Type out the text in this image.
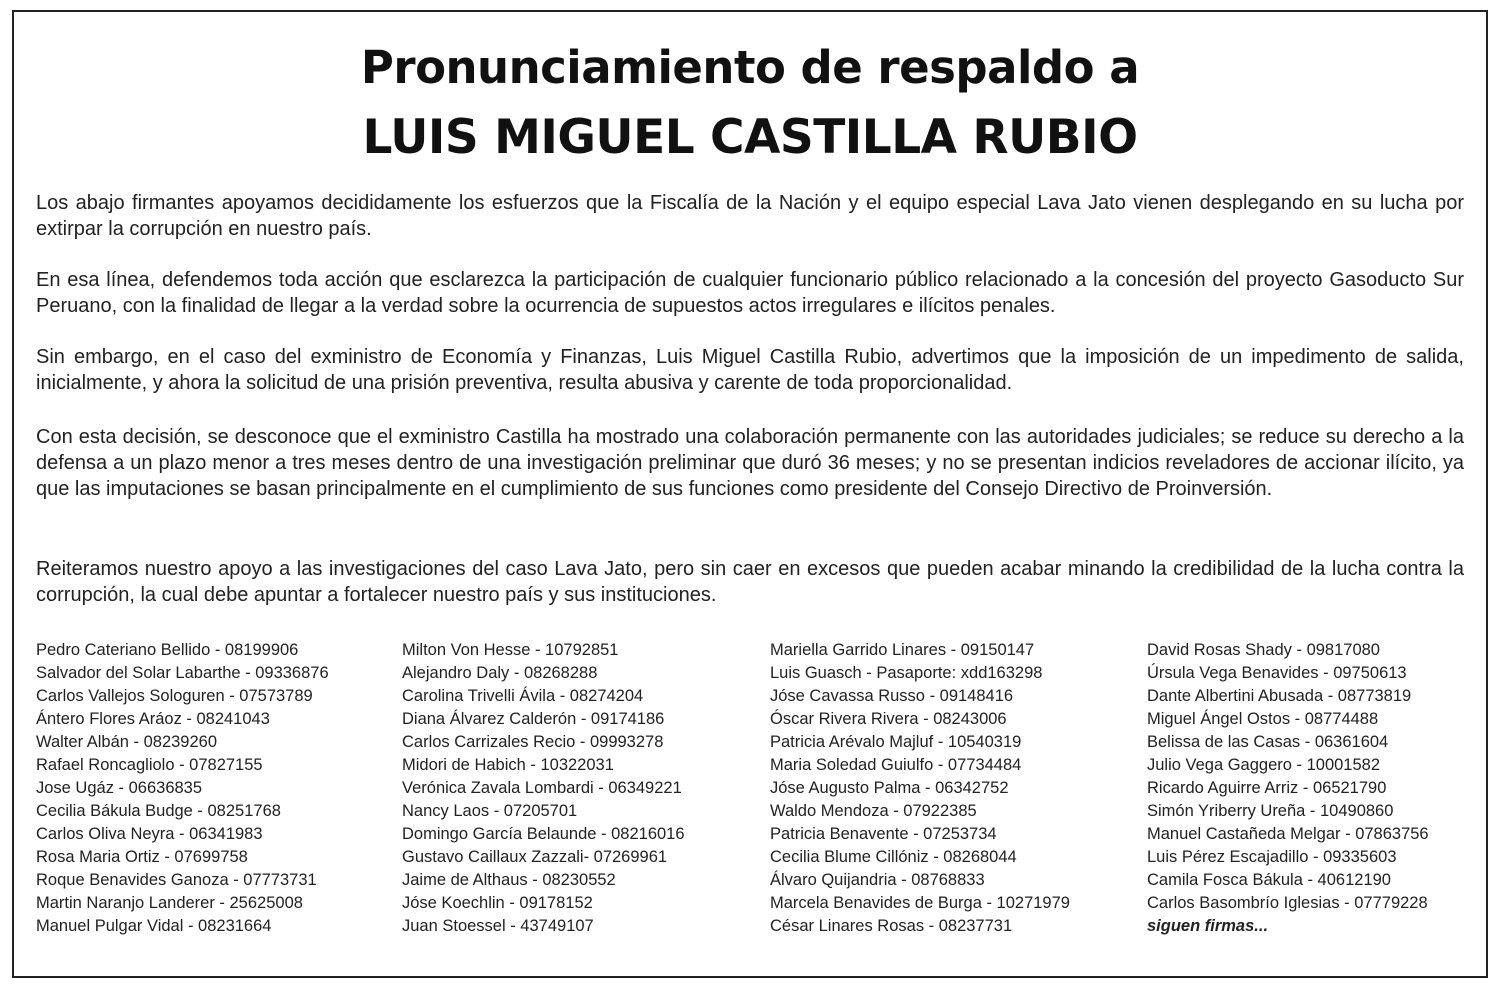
Pronunciamiento de respaldo a
LUIS MIGUEL CASTILLA RUBIO

Los abajo firmantes apoyamos decididamente los esfuerzos que la Fiscalía de la Nación y el equipo especial Lava Jato vienen desplegando en su lucha por extirpar la corrupción en nuestro país.

En esa línea, defendemos toda acción que esclarezca la participación de cualquier funcionario público relacionado a la concesión del proyecto Gasoducto Sur Peruano, con la finalidad de llegar a la verdad sobre la ocurrencia de supuestos actos irregulares e ilícitos penales.

Sin embargo, en el caso del exministro de Economía y Finanzas, Luis Miguel Castilla Rubio, advertimos que la imposición de un impedimento de salida, inicialmente, y ahora la solicitud de una prisión preventiva, resulta abusiva y carente de toda proporcionalidad.

Con esta decisión, se desconoce que el exministro Castilla ha mostrado una colaboración permanente con las autoridades judiciales; se reduce su derecho a la defensa a un plazo menor a tres meses dentro de una investigación preliminar que duró 36 meses; y no se presentan indicios reveladores de accionar ilícito, ya que las imputaciones se basan principalmente en el cumplimiento de sus funciones como presidente del Consejo Directivo de Proinversión.

Reiteramos nuestro apoyo a las investigaciones del caso Lava Jato, pero sin caer en excesos que pueden acabar minando la credibilidad de la lucha contra la corrupción, la cual debe apuntar a fortalecer nuestro país y sus instituciones.

Pedro Cateriano Bellido - 08199906
Salvador del Solar Labarthe - 09336876
Carlos Vallejos Sologuren - 07573789
Ántero Flores Aráoz - 08241043
Walter Albán - 08239260
Rafael Roncagliolo - 07827155
Jose Ugáz - 06636835
Cecilia Bákula Budge - 08251768
Carlos Oliva Neyra - 06341983
Rosa Maria Ortiz - 07699758
Roque Benavides Ganoza - 07773731
Martin Naranjo Landerer - 25625008
Manuel Pulgar Vidal - 08231664
Milton Von Hesse - 10792851
Alejandro Daly - 08268288
Carolina Trivelli Ávila - 08274204
Diana Álvarez Calderón - 09174186
Carlos Carrizales Recio - 09993278
Midori de Habich - 10322031
Verónica Zavala Lombardi - 06349221
Nancy Laos - 07205701
Domingo García Belaunde - 08216016
Gustavo Caillaux Zazzali- 07269961
Jaime de Althaus - 08230552
Jóse Koechlin - 09178152
Juan Stoessel - 43749107
Mariella Garrido Linares - 09150147
Luis Guasch - Pasaporte: xdd163298
Jóse Cavassa Russo - 09148416
Óscar Rivera Rivera - 08243006
Patricia Arévalo Majluf - 10540319
Maria Soledad Guiulfo - 07734484
Jóse Augusto Palma - 06342752
Waldo Mendoza - 07922385
Patricia Benavente - 07253734
Cecilia Blume Cillóniz - 08268044
Álvaro Quijandria - 08768833
Marcela Benavides de Burga - 10271979
César Linares Rosas - 08237731
David Rosas Shady - 09817080
Úrsula Vega Benavides - 09750613
Dante Albertini Abusada - 08773819
Miguel Ángel Ostos - 08774488
Belissa de las Casas - 06361604
Julio Vega Gaggero - 10001582
Ricardo Aguirre Arriz - 06521790
Simón Yriberry Ureña - 10490860
Manuel Castañeda Melgar - 07863756
Luis Pérez Escajadillo - 09335603
Camila Fosca Bákula - 40612190
Carlos Basombrío Iglesias - 07779228
siguen firmas...
